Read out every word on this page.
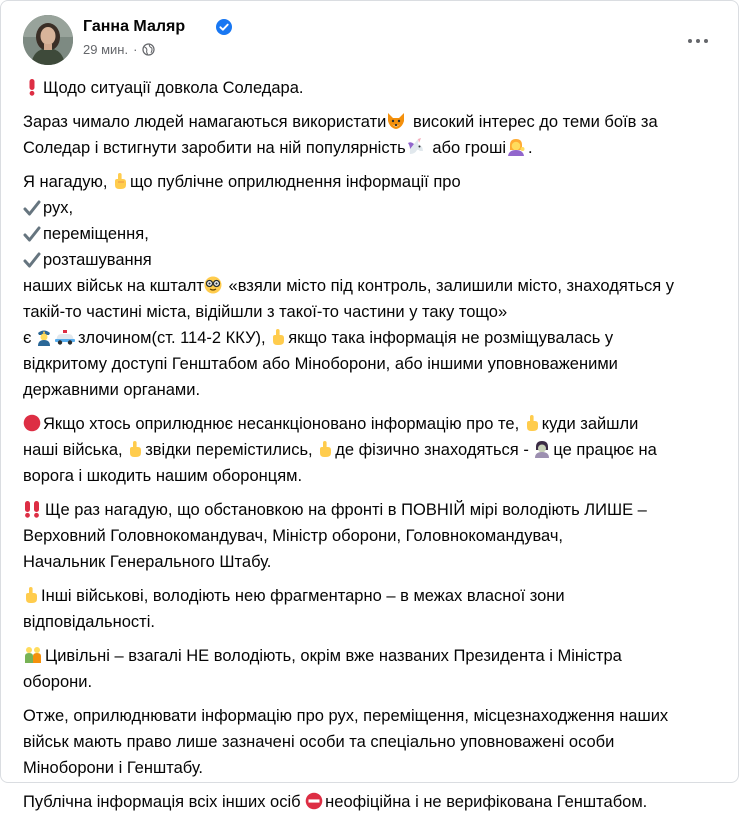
Ганна Маляр
29 мин. ·
Щодо ситуації довкола Соледара.
Зараз чимало людей намагаються використати
високий інтерес до теми боїв за
Соледар і встигнути заробити на ній популярність
або гроші .
Я нагадую,
що публічне оприлюднення інформації про
рух,
переміщення,
розташування
наших військ на кшталт
«взяли місто під контроль, залишили місто, знаходяться у
такій-то частині міста, відійшли з такої-то частини у таку тощо»
є	злочином(ст. 114-2 ККУ),
якщо така інформація не розміщувалась у
відкритому доступі Генштабом або Міноборони, або іншими уповноваженими
державними органами.
Якщо хтось оприлюднює несанкціоновано інформацію про те,
куди зайшли
наші війська,
звідки перемістились,
де фізично знаходяться -
це працює на
ворога і шкодить нашим оборонцям.
Ще раз нагадую, що обстановкою на фронті в ПОВНІЙ мірі володіють ЛИШЕ –
Верховний Головнокомандувач, Міністр оборони, Головнокомандувач,
Начальник Генерального Штабу.
Інші військові, володіють нею фрагментарно – в межах власної зони
відповідальності.
Цивільні – взагалі НЕ володіють, окрім вже названих Президента і Міністра
оборони.
Отже, оприлюднювати інформацію про рух, переміщення, місцезнаходження наших
військ мають право лише зазначені особи та спеціально уповноважені особи
Міноборони і Генштабу.
Публічна інформація всіх інших осіб
неофіційна і не верифікована Генштабом.
